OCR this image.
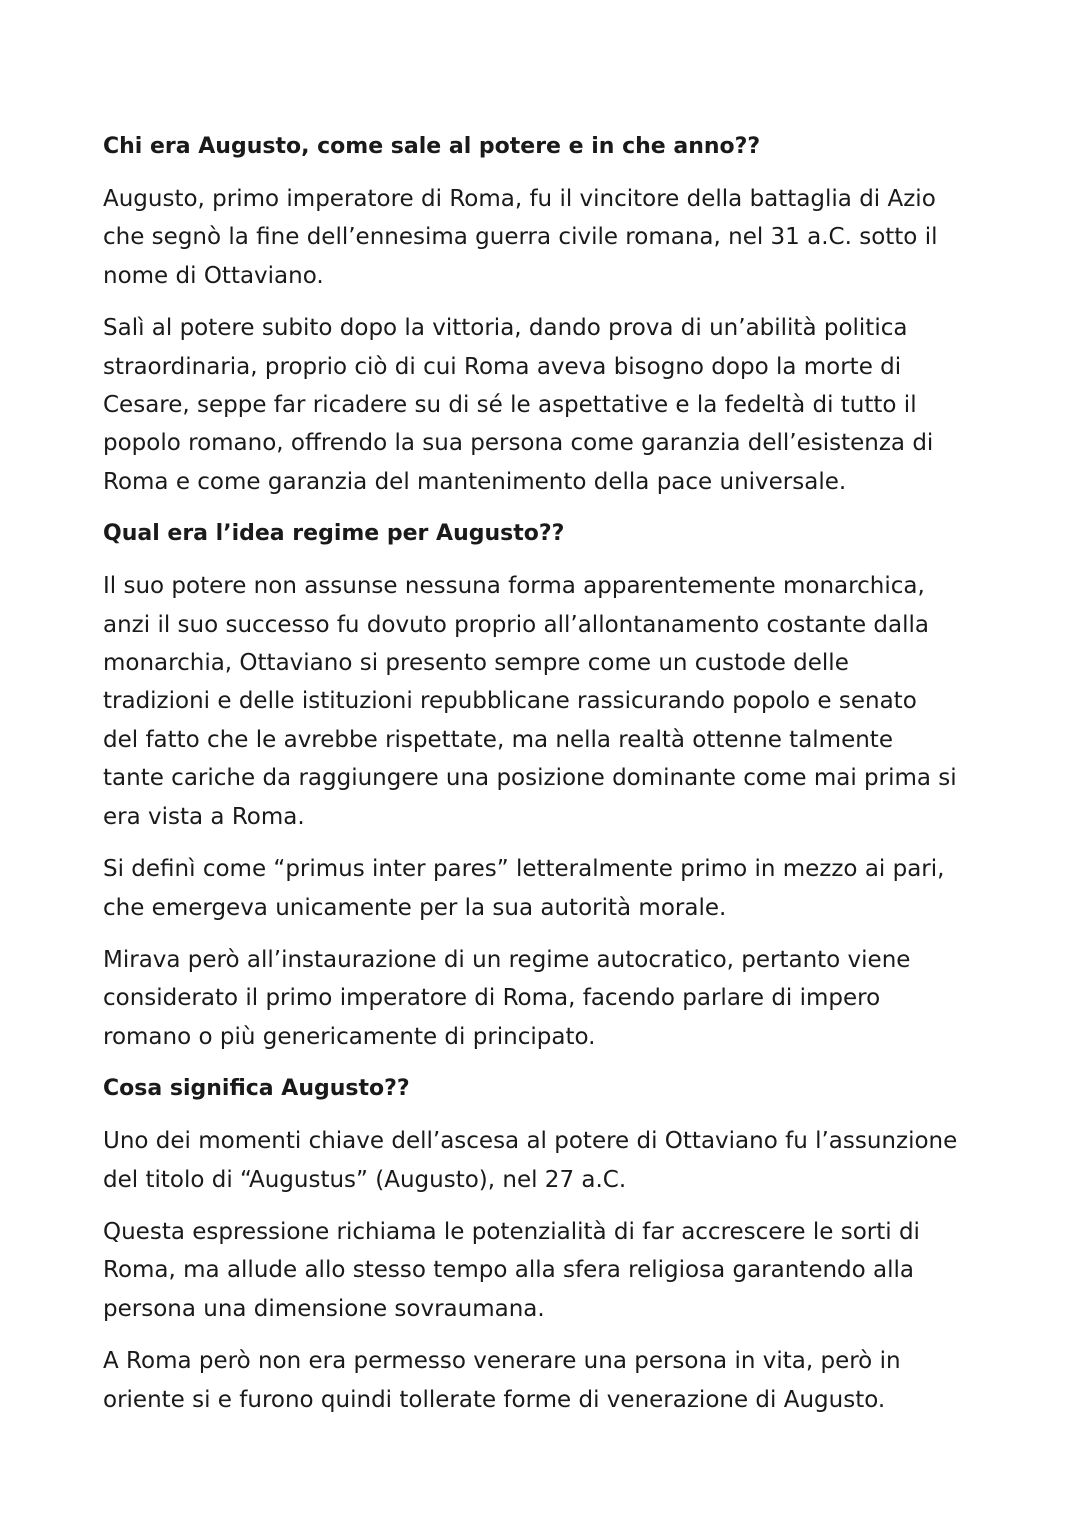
Chi era Augusto, come sale al potere e in che anno??
Augusto, primo imperatore di Roma, fu il vincitore della battaglia di Azio
che segnò la fine dell’ennesima guerra civile romana, nel 31 a.C. sotto il
nome di Ottaviano.
Salì al potere subito dopo la vittoria, dando prova di un’abilità politica
straordinaria, proprio ciò di cui Roma aveva bisogno dopo la morte di
Cesare, seppe far ricadere su di sé le aspettative e la fedeltà di tutto il
popolo romano, offrendo la sua persona come garanzia dell’esistenza di
Roma e come garanzia del mantenimento della pace universale.
Qual era l’idea regime per Augusto??
Il suo potere non assunse nessuna forma apparentemente monarchica,
anzi il suo successo fu dovuto proprio all’allontanamento costante dalla
monarchia, Ottaviano si presento sempre come un custode delle
tradizioni e delle istituzioni repubblicane rassicurando popolo e senato
del fatto che le avrebbe rispettate, ma nella realtà ottenne talmente
tante cariche da raggiungere una posizione dominante come mai prima si
era vista a Roma.
Si definì come “primus inter pares” letteralmente primo in mezzo ai pari,
che emergeva unicamente per la sua autorità morale.
Mirava però all’instaurazione di un regime autocratico, pertanto viene
considerato il primo imperatore di Roma, facendo parlare di impero
romano o più genericamente di principato.
Cosa significa Augusto??
Uno dei momenti chiave dell’ascesa al potere di Ottaviano fu l’assunzione
del titolo di “Augustus” (Augusto), nel 27 a.C.
Questa espressione richiama le potenzialità di far accrescere le sorti di
Roma, ma allude allo stesso tempo alla sfera religiosa garantendo alla
persona una dimensione sovraumana.
A Roma però non era permesso venerare una persona in vita, però in
oriente si e furono quindi tollerate forme di venerazione di Augusto.
